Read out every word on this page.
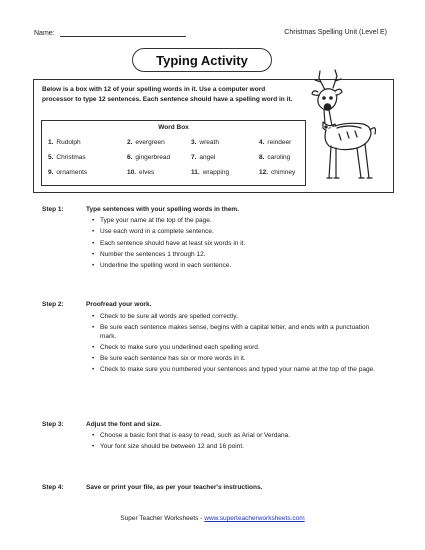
Name:	Christmas Spelling Unit (Level E)
Typing Activity
Below is a box with 12 of your spelling words in it. Use a computer word processor to type 12 sentences. Each sentence should have a spelling word in it.
Word Box
1. Rudolph	2. evergreen	3. wreath	4. reindeer
5. Christmas	6. gingerbread	7. angel	8. caroling
9. ornaments	10. elves	11. wrapping	12. chimney
Step 1:	Type sentences with your spelling words in them.
• Type your name at the top of the page.
• Use each word in a complete sentence.
• Each sentence should have at least six words in it.
• Number the sentences 1 through 12.
• Underline the spelling word in each sentence.
Step 2:	Proofread your work.
• Check to be sure all words are spelled correctly.
• Be sure each sentence makes sense, begins with a capital letter, and ends with a punctuation mark.
• Check to make sure you underlined each spelling word.
• Be sure each sentence has six or more words in it.
• Check to make sure you numbered your sentences and typed your name at the top of the page.
Step 3:	Adjust the font and size.
• Choose a basic font that is easy to read, such as Arial or Verdana.
• Your font size should be between 12 and 16 point.
Step 4:	Save or print your file, as per your teacher's instructions.
Super Teacher Worksheets - www.superteacherworksheets.com
